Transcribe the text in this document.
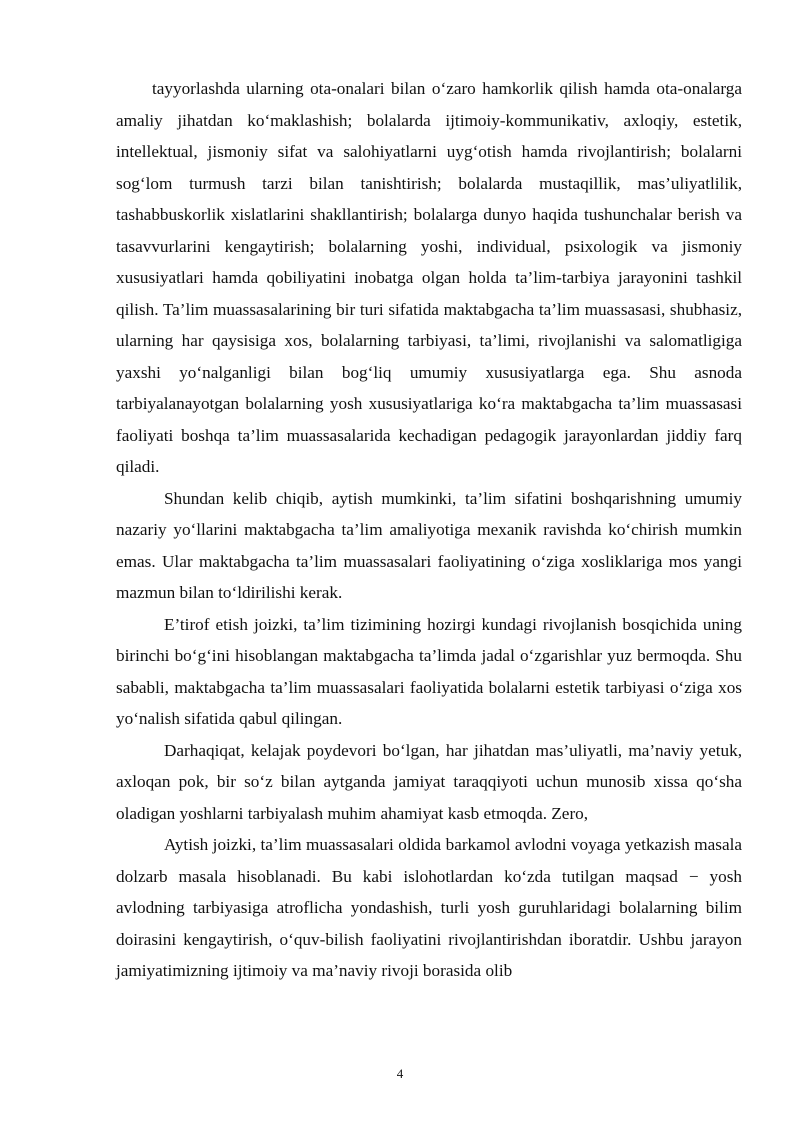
tayyorlashda ularning ota-onalari bilan o‘zaro hamkorlik qilish hamda ota-onalarga amaliy jihatdan ko‘maklashish; bolalarda ijtimoiy-kommunikativ, axloqiy, estetik, intellektual, jismoniy sifat va salohiyatlarni uyg‘otish hamda rivojlantirish; bolalarni sog‘lom turmush tarzi bilan tanishtirish; bolalarda mustaqillik, mas’uliyatlilik, tashabbuskorlik xislatlarini shakllantirish; bolalarga dunyo haqida tushunchalar berish va tasavvurlarini kengaytirish; bolalarning yoshi, individual, psixologik va jismoniy xususiyatlari hamda qobiliyatini inobatga olgan holda ta’lim-tarbiya jarayonini tashkil qilish. Ta’lim muassasalarining bir turi sifatida maktabgacha ta’lim muassasasi, shubhasiz, ularning har qaysisiga xos, bolalarning tarbiyasi, ta’limi, rivojlanishi va salomatligiga yaxshi yo‘nalganligi bilan bog‘liq umumiy xususiyatlarga ega. Shu asnoda tarbiyalanayotgan bolalarning yosh xususiyatlariga ko‘ra maktabgacha ta’lim muassasasi faoliyati boshqa ta’lim muassasalarida kechadigan pedagogik jarayonlardan jiddiy farq qiladi.

Shundan kelib chiqib, aytish mumkinki, ta’lim sifatini boshqarishning umumiy nazariy yo‘llarini maktabgacha ta’lim amaliyotiga mexanik ravishda ko‘chirish mumkin emas. Ular maktabgacha ta’lim muassasalari faoliyatining o‘ziga xosliklariga mos yangi mazmun bilan to‘ldirilishi kerak.

E’tirof etish joizki, ta’lim tizimining hozirgi kundagi rivojlanish bosqichida uning birinchi bo‘g‘ini hisoblangan maktabgacha ta’limda jadal o‘zgarishlar yuz bermoqda. Shu sababli, maktabgacha ta’lim muassasalari faoliyatida bolalarni estetik tarbiyasi o‘ziga xos yo‘nalish sifatida qabul qilingan.

Darhaqiqat, kelajak poydevori bo‘lgan, har jihatdan mas’uliyatli, ma’naviy yetuk, axloqan pok, bir so‘z bilan aytganda jamiyat taraqqiyoti uchun munosib xissa qo‘sha oladigan yoshlarni tarbiyalash muhim ahamiyat kasb etmoqda. Zero,

Aytish joizki, ta’lim muassasalari oldida barkamol avlodni voyaga yetkazish masala dolzarb masala hisoblanadi. Bu kabi islohotlardan ko‘zda tutilgan maqsad − yosh avlodning tarbiyasiga atroflicha yondashish, turli yosh guruhlaridagi bolalarning bilim doirasini kengaytirish, o‘quv-bilish faoliyatini rivojlantirishdan iboratdir. Ushbu jarayon jamiyatimizning ijtimoiy va ma’naviy rivoji borasida olib

4
